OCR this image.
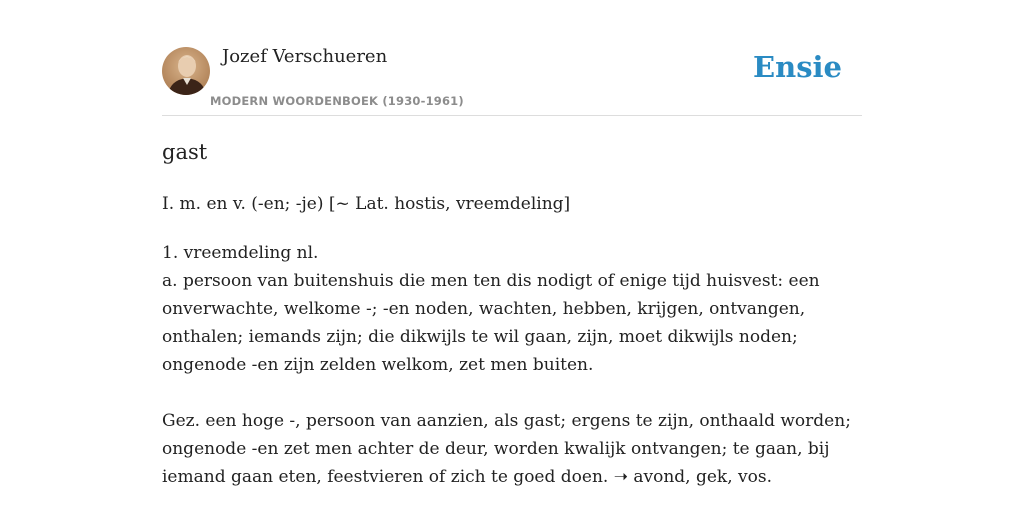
Jozef Verschueren
MODERN WOORDENBOEK (1930-1961)
Ensie
gast
I. m. en v. (-en; -je) [~ Lat. hostis, vreemdeling]
1. vreemdeling nl.
a. persoon van buitenshuis die men ten dis nodigt of enige tijd huisvest: een
onverwachte, welkome -; -en noden, wachten, hebben, krijgen, ontvangen,
onthalen; iemands zijn; die dikwijls te wil gaan, zijn, moet dikwijls noden;
ongenode -en zijn zelden welkom, zet men buiten.
Gez. een hoge -, persoon van aanzien, als gast; ergens te zijn, onthaald worden;
ongenode -en zet men achter de deur, worden kwalijk ontvangen; te gaan, bij
iemand gaan eten, feestvieren of zich te goed doen. ➝ avond, gek, vos.
